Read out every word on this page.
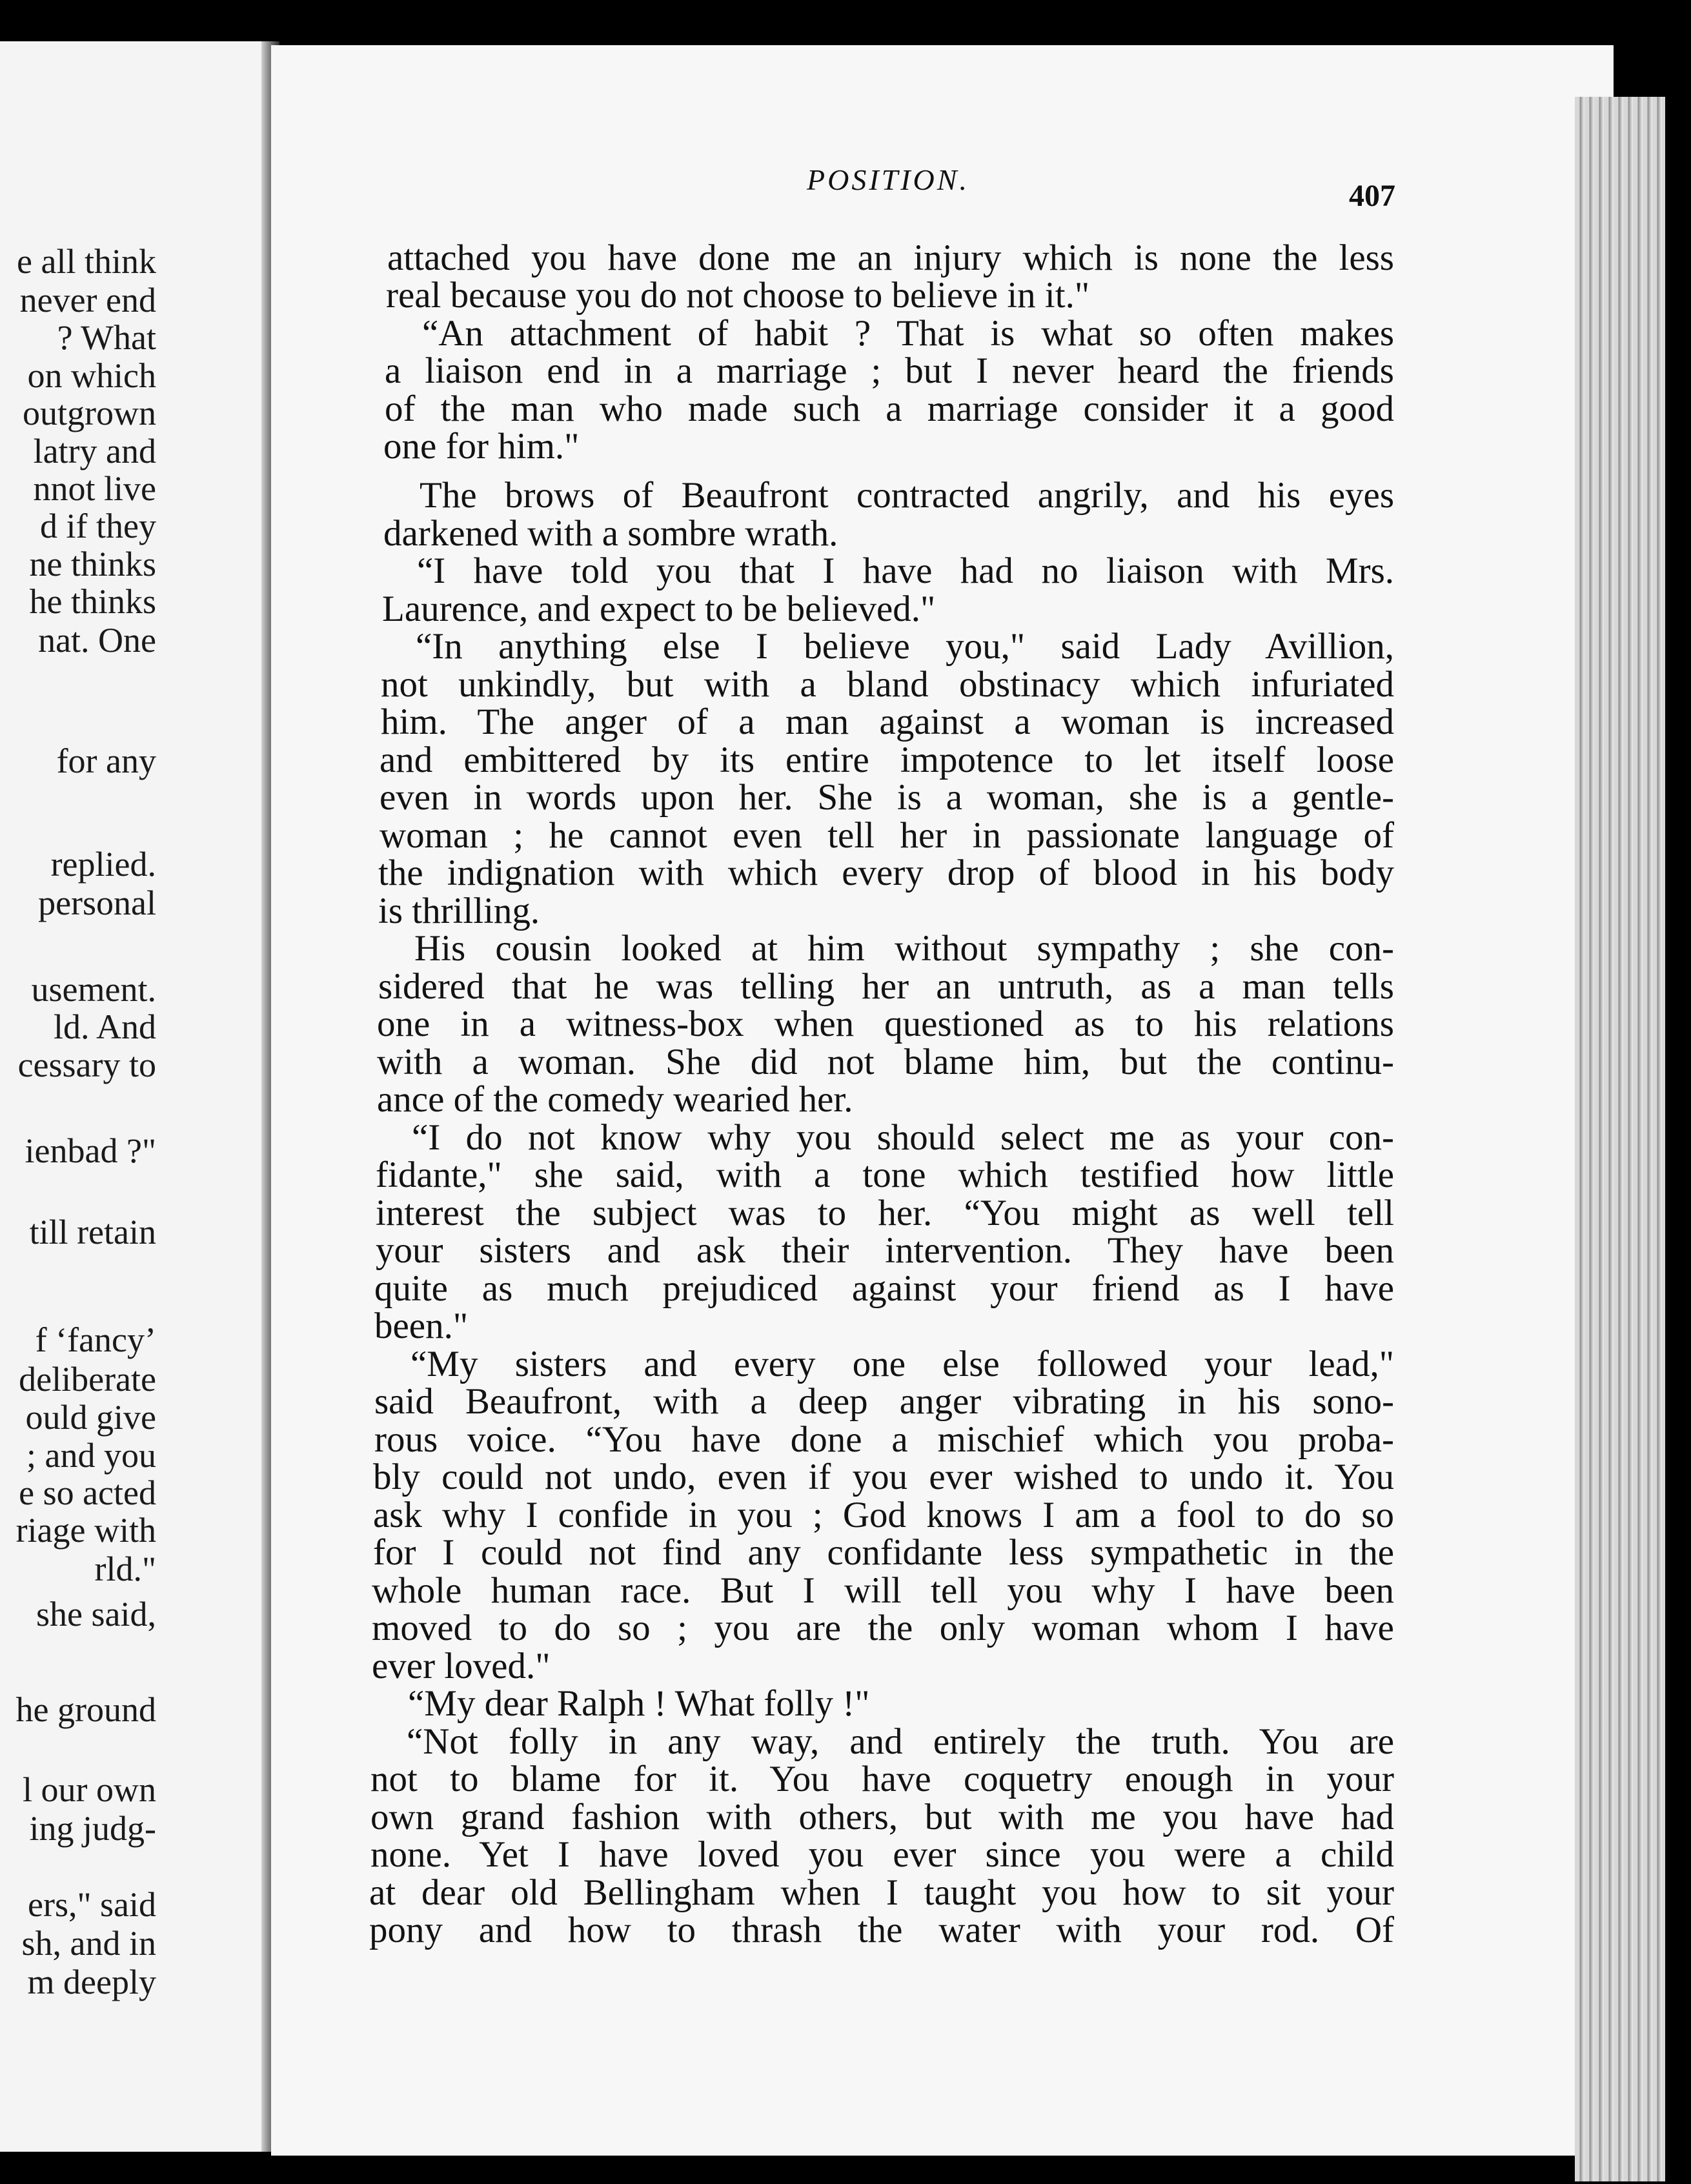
e all think
never end
? What
on which
outgrown
latry and
nnot live
d if they
ne thinks
he thinks
nat. One
for any
replied.
personal
usement.
ld. And
cessary to
ienbad ?"
till retain
f ‘fancy’
deliberate
ould give
; and you
e so acted
riage with
rld."
she said,
he ground
l our own
ing judg-
ers," said
sh, and in
m deeply
POSITION.	407
attached you have done me an injury which is none the less
real because you do not choose to believe in it."
“An attachment of habit ? That is what so often makes
a liaison end in a marriage ; but I never heard the friends
of the man who made such a marriage consider it a good
one for him."
The brows of Beaufront contracted angrily, and his eyes
darkened with a sombre wrath.
“I have told you that I have had no liaison with Mrs.
Laurence, and expect to be believed."
“In anything else I believe you," said Lady Avillion,
not unkindly, but with a bland obstinacy which infuriated
him. The anger of a man against a woman is increased
and embittered by its entire impotence to let itself loose
even in words upon her. She is a woman, she is a gentle-
woman ; he cannot even tell her in passionate language of
the indignation with which every drop of blood in his body
is thrilling.
His cousin looked at him without sympathy ; she con-
sidered that he was telling her an untruth, as a man tells
one in a witness-box when questioned as to his relations
with a woman. She did not blame him, but the continu-
ance of the comedy wearied her.
“I do not know why you should select me as your con-
fidante," she said, with a tone which testified how little
interest the subject was to her. “You might as well tell
your sisters and ask their intervention. They have been
quite as much prejudiced against your friend as I have
been."
“My sisters and every one else followed your lead,"
said Beaufront, with a deep anger vibrating in his sono-
rous voice. “You have done a mischief which you proba-
bly could not undo, even if you ever wished to undo it. You
ask why I confide in you ; God knows I am a fool to do so
for I could not find any confidante less sympathetic in the
whole human race. But I will tell you why I have been
moved to do so ; you are the only woman whom I have
ever loved."
“My dear Ralph ! What folly !"
“Not folly in any way, and entirely the truth. You are
not to blame for it. You have coquetry enough in your
own grand fashion with others, but with me you have had
none. Yet I have loved you ever since you were a child
at dear old Bellingham when I taught you how to sit your
pony and how to thrash the water with your rod. Of
